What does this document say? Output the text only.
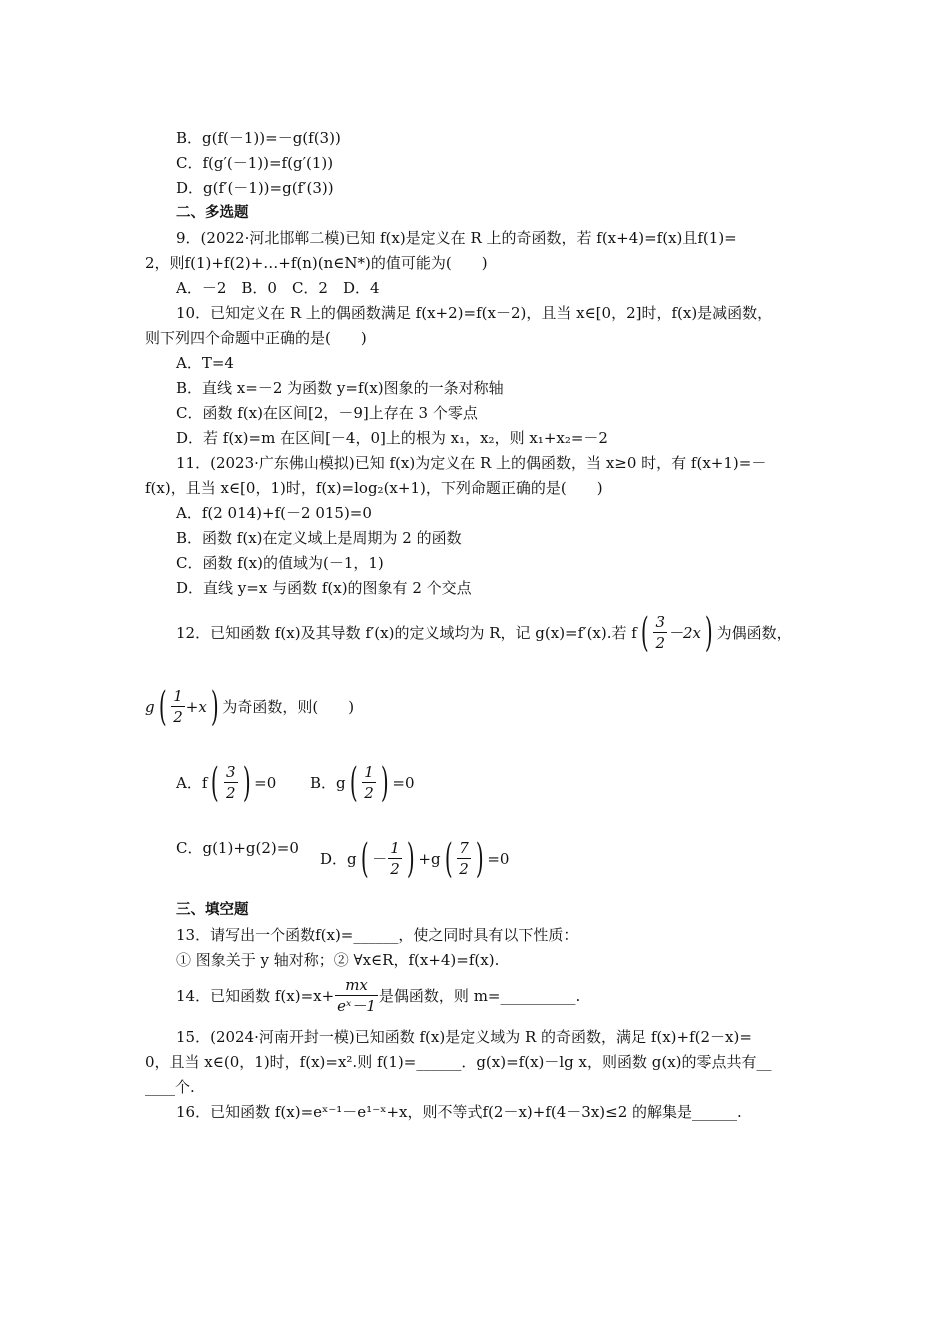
B．g(f(－1))=－g(f(3))
C．f(g′(－1))=f(g′(1))
D．g(f′(－1))=g(f′(3))
二、多选题
9．(2022·河北邯郸二模)已知 f(x)是定义在 R 上的奇函数，若 f(x+4)=f(x)且f(1)=
2，则f(1)+f(2)+…+f(n)(n∈N*)的值可能为(　　)
A．－2　B．0　C．2　D．4
10．已知定义在 R 上的偶函数满足 f(x+2)=f(x－2)，且当 x∈[0，2]时，f(x)是减函数，
则下列四个命题中正确的是(　　)
A．T=4
B．直线 x=－2 为函数 y=f(x)图象的一条对称轴
C．函数 f(x)在区间[2，－9]上存在 3 个零点
D．若 f(x)=m 在区间[－4，0]上的根为 x₁，x₂，则 x₁+x₂=－2
11．(2023·广东佛山模拟)已知 f(x)为定义在 R 上的偶函数，当 x≥0 时，有 f(x+1)=－
f(x)，且当 x∈[0，1)时，f(x)=log₂(x+1)，下列命题正确的是(　　)
A．f(2 014)+f(－2 015)=0
B．函数 f(x)在定义域上是周期为 2 的函数
C．函数 f(x)的值域为(－1，1)
D．直线 y=x 与函数 f(x)的图象有 2 个交点
12．已知函数 f(x)及其导数 f′(x)的定义域均为 R，记 g(x)=f′(x).若 f ( $\frac{3}{2} -2x$ ) 为偶函数，
g ( $\frac{1}{2} +x$ ) 为奇函数，则(　　)
A．f ( $\frac{3}{2}$ ) =0 B．g ( $\frac{1}{2}$ ) =0
C．g(1)+g(2)=0
D．g ( － $\frac{1}{2}$ ) +g ( $\frac{7}{2}$ ) =0
三、填空题
13．请写出一个函数f(x)=______，使之同时具有以下性质：
① 图象关于 y 轴对称；② ∀x∈R，f(x+4)=f(x).
14．已知函数 $f(x)=x+ \frac{mx}{\text{eˣ－1}}$ 是偶函数，则 m=__________.
15．(2024·河南开封一模)已知函数 f(x)是定义域为 R 的奇函数，满足 f(x)+f(2－x)=
0，且当 x∈(0，1)时，f(x)=x².则 f(1)=______．g(x)=f(x)－lg x，则函数 g(x)的零点共有__
____个.
16．已知函数 f(x)=eˣ⁻¹－e¹⁻ˣ+x，则不等式f(2－x)+f(4－3x)≤2 的解集是______.
